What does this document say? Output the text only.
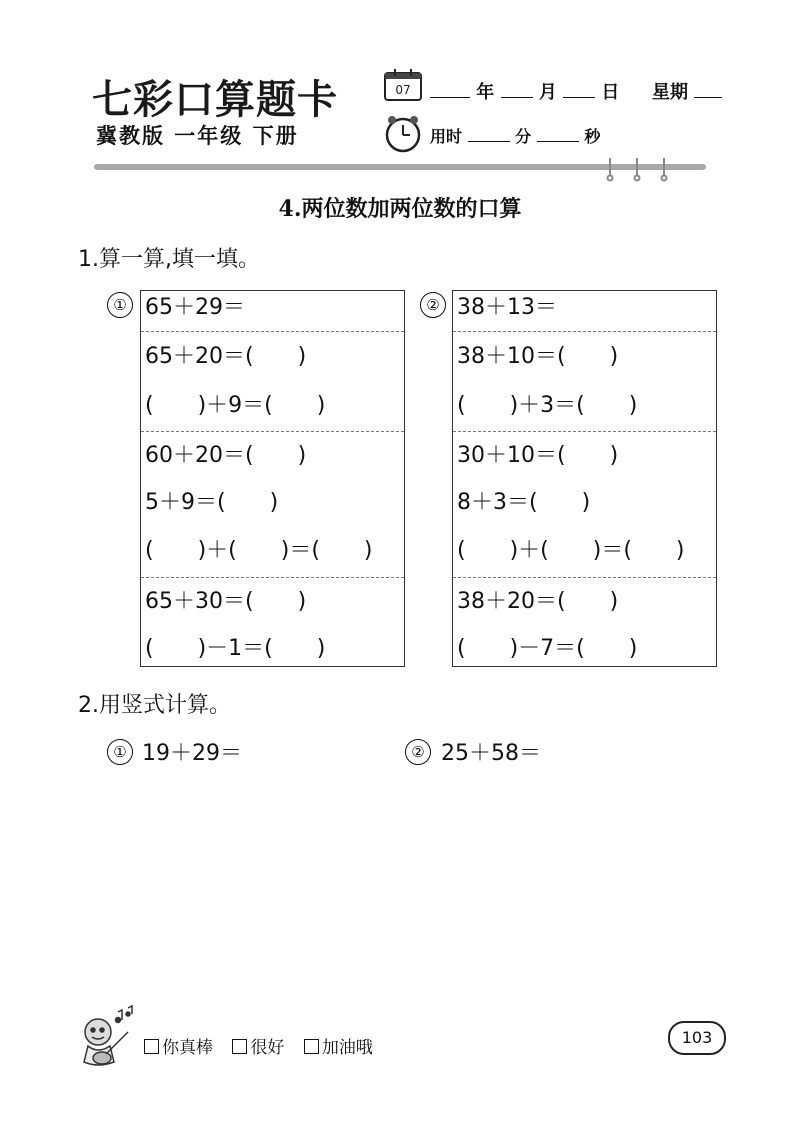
七彩口算题卡
冀教版 一年级 下册
07	年 月 日 星期
用时	分	秒
4.两位数加两位数的口算
1.算一算,填一填。
① 65＋29＝
65＋20＝(　　)
(　　)＋9＝(　　)
60＋20＝(　　)
5＋9＝(　　)
(　　)＋(　　)＝(　　)
65＋30＝(　　)
(　　)－1＝(　　)
② 38＋13＝
38＋10＝(　　)
(　　)＋3＝(　　)
30＋10＝(　　)
8＋3＝(　　)
(　　)＋(　　)＝(　　)
38＋20＝(　　)
(　　)－7＝(　　)
2.用竖式计算。
① 19＋29＝	② 25＋58＝
你真棒 很好 加油哦
103
